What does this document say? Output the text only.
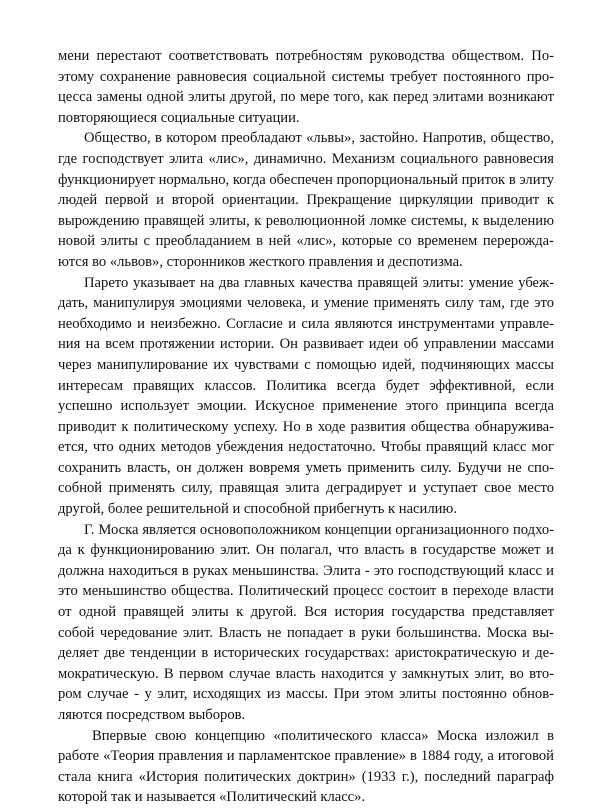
мени перестают соответствовать потребностям руководства обществом. Поэтому сохранение равновесия социальной системы требует постоянного процесса замены одной элиты другой, по мере того, как перед элитами возникают повторяющиеся социальные ситуации.

Общество, в котором преобладают «львы», застойно. Напротив, общество, где господствует элита «лис», динамично. Механизм социального равновесия функционирует нормально, когда обеспечен пропорциональный приток в элиту людей первой и второй ориентации. Прекращение циркуляции приводит к вырождению правящей элиты, к революционной ломке системы, к выделению новой элиты с преобладанием в ней «лис», которые со временем перерождаются во «львов», сторонников жесткого правления и деспотизма.

Парето указывает на два главных качества правящей элиты: умение убеждать, манипулируя эмоциями человека, и умение применять силу там, где это необходимо и неизбежно. Согласие и сила являются инструментами управления на всем протяжении истории. Он развивает идеи об управлении массами через манипулирование их чувствами с помощью идей, подчиняющих массы интересам правящих классов. Политика всегда будет эффективной, если успешно использует эмоции. Искусное применение этого принципа всегда приводит к политическому успеху. Но в ходе развития общества обнаруживается, что одних методов убеждения недостаточно. Чтобы правящий класс мог сохранить власть, он должен вовремя уметь применить силу. Будучи не способной применять силу, правящая элита деградирует и уступает свое место другой, более решительной и способной прибегнуть к насилию.

Г. Моска является основоположником концепции организационного подхода к функционированию элит. Он полагал, что власть в государстве может и должна находиться в руках меньшинства. Элита - это господствующий класс и это меньшинство общества. Политический процесс состоит в переходе власти от одной правящей элиты к другой. Вся история государства представляет собой чередование элит. Власть не попадает в руки большинства. Моска выделяет две тенденции в исторических государствах: аристократическую и демократическую. В первом случае власть находится у замкнутых элит, во втором случае - у элит, исходящих из массы. При этом элиты постоянно обновляются посредством выборов.

Впервые свою концепцию «политического класса» Моска изложил в работе «Теория правления и парламентское правление» в 1884 году, а итоговой стала книга «История политических доктрин» (1933 г.), последний параграф которой так и называется «Политический класс».
